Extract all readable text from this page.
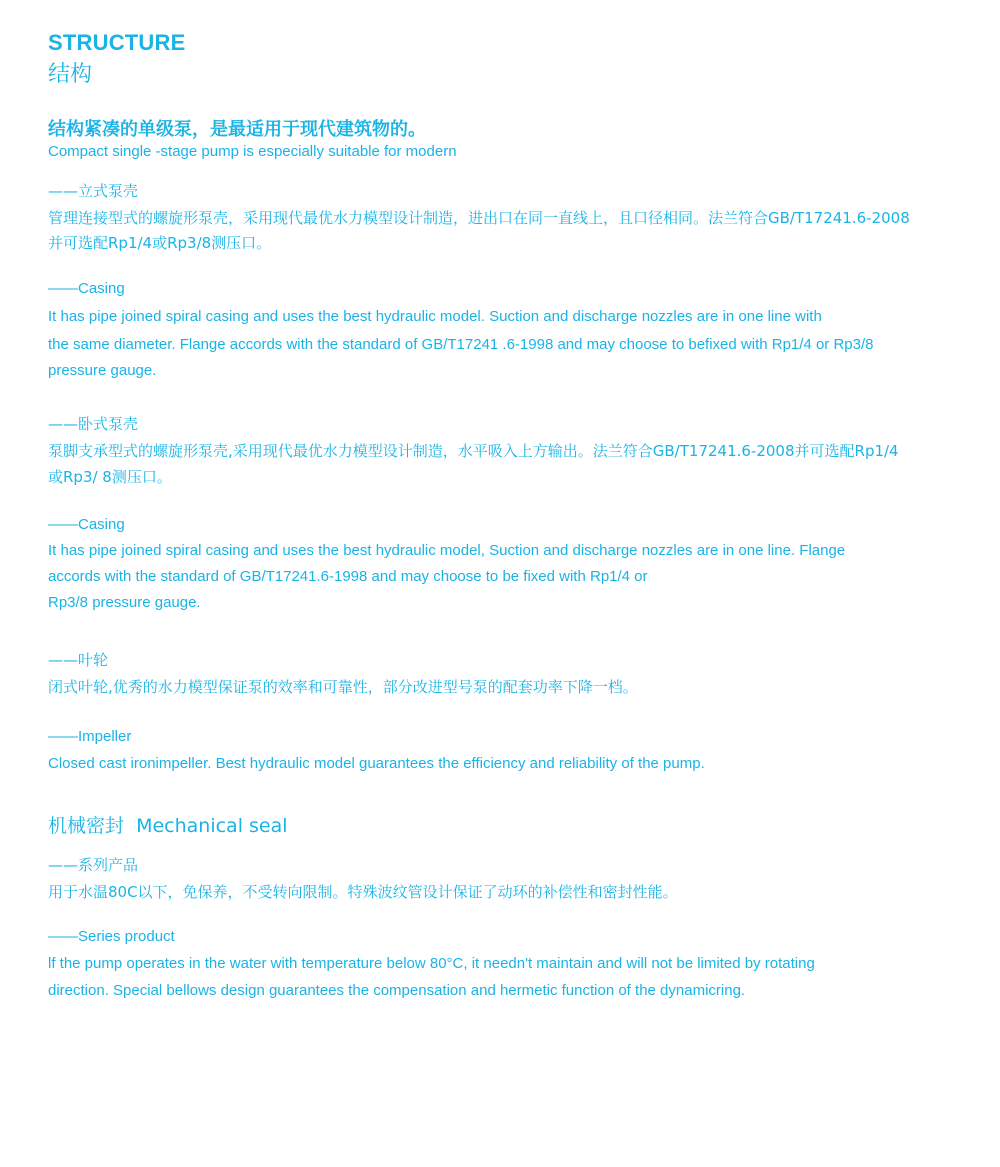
STRUCTURE
结构
结构紧凑的单级泵，是最适用于现代建筑物的。
Compact single -stage pump is especially suitable for modern
——立式泵壳
管理连接型式的螺旋形泵壳，采用现代最优水力模型设计制造，进出口在同一直线上，且口径相同。法兰符合GB/T17241.6-2008
并可选配Rp1/4或Rp3/8测压口。
——Casing
It has pipe joined spiral casing and uses the best hydraulic model. Suction and discharge nozzles are in one line with
the same diameter. Flange accords with the standard of GB/T17241 .6-1998 and may choose to befixed with Rp1/4 or Rp3/8
pressure gauge.
——卧式泵壳
泵脚支承型式的螺旋形泵壳,采用现代最优水力模型设计制造，水平吸入上方输出。法兰符合GB/T17241.6-2008并可选配Rp1/4
或Rp3/ 8测压口。
——Casing
It has pipe joined spiral casing and uses the best hydraulic model, Suction and discharge nozzles are in one line. Flange
accords with the standard of GB/T17241.6-1998 and may choose to be fixed with Rp1/4 or
Rp3/8 pressure gauge.
——叶轮
闭式叶轮,优秀的水力模型保证泵的效率和可靠性，部分改进型号泵的配套功率下降一档。
——Impeller
Closed cast ironimpeller. Best hydraulic model guarantees the efficiency and reliability of the pump.
机械密封  Mechanical seal
——系列产品
用于水温80C以下，免保养，不受转向限制。特殊波纹管设计保证了动环的补偿性和密封性能。
——Series product
lf the pump operates in the water with temperature below 80°C, it needn't maintain and will not be limited by rotating
direction. Special bellows design guarantees the compensation and hermetic function of the dynamicring.
